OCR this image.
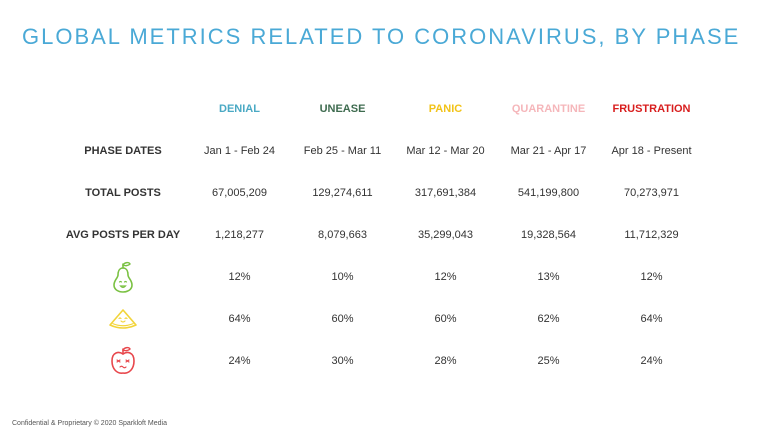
GLOBAL METRICS RELATED TO CORONAVIRUS, BY PHASE
	DENIAL	UNEASE	PANIC	QUARANTINE	FRUSTRATION
PHASE DATES	Jan 1 - Feb 24	Feb 25 - Mar 11	Mar 12 - Mar 20	Mar 21 - Apr 17	Apr 18 - Present
TOTAL POSTS	67,005,209	129,274,611	317,691,384	541,199,800	70,273,971
AVG POSTS PER DAY	1,218,277	8,079,663	35,299,043	19,328,564	11,712,329

	12%	10%	12%	13%	12%

	64%	60%	60%	62%	64%

	24%	30%	28%	25%	24%
Confidential & Proprietary © 2020 Sparkloft Media
